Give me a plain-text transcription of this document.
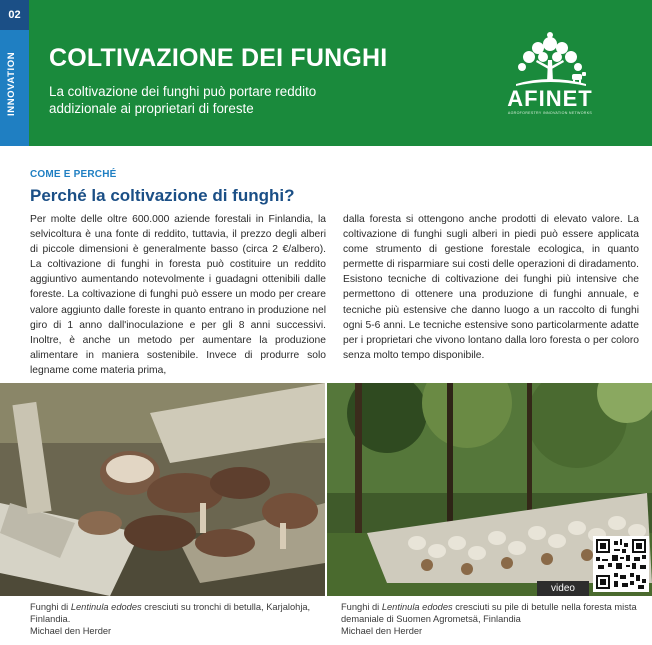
02
INNOVATION COLTIVAZIONE DEI FUNGHI
La coltivazione dei funghi può portare reddito addizionale ai proprietari di foreste	AFINET
AGROFORESTRY INNOVATION NETWORKS
COME E PERCHÉ
Perché la coltivazione di funghi?
Per molte delle oltre 600.000 aziende forestali in Finlandia, la selvicoltura è una fonte di reddito, tuttavia, il prezzo degli alberi di piccole dimensioni è generalmente basso (circa 2 €/albero). La coltivazione di funghi in foresta può costituire un reddito aggiuntivo aumentando notevolmente i guadagni ottenibili dalle foreste. La coltivazione di funghi può essere un modo per creare valore aggiunto dalle foreste in quanto entrano in produzione nel giro di 1 anno dall'inoculazione e per gli 8 anni successivi. Inoltre, è anche un metodo per aumentare la produzione alimentare in maniera sostenibile. Invece di produrre solo legname come materia prima,
dalla foresta si ottengono anche prodotti di elevato valore. La coltivazione di funghi sugli alberi in piedi può essere applicata come strumento di gestione forestale ecologica, in quanto permette di risparmiare sui costi delle operazioni di diradamento. Esistono tecniche di coltivazione dei funghi più intensive che permettono di ottenere una produzione di funghi annuale, e tecniche più estensive che danno luogo a un raccolto di funghi ogni 5-6 anni. Le tecniche estensive sono particolarmente adatte per i proprietari che vivono lontano dalla loro foresta o per coloro senza molto tempo disponibile.
video
Funghi di Lentinula edodes cresciuti su tronchi di betulla, Karjalohja, Finlandia.
Michael den Herder
Funghi di Lentinula edodes cresciuti su pile di betulle nella foresta mista demaniale di Suomen Agrometsä, Finlandia
Michael den Herder
